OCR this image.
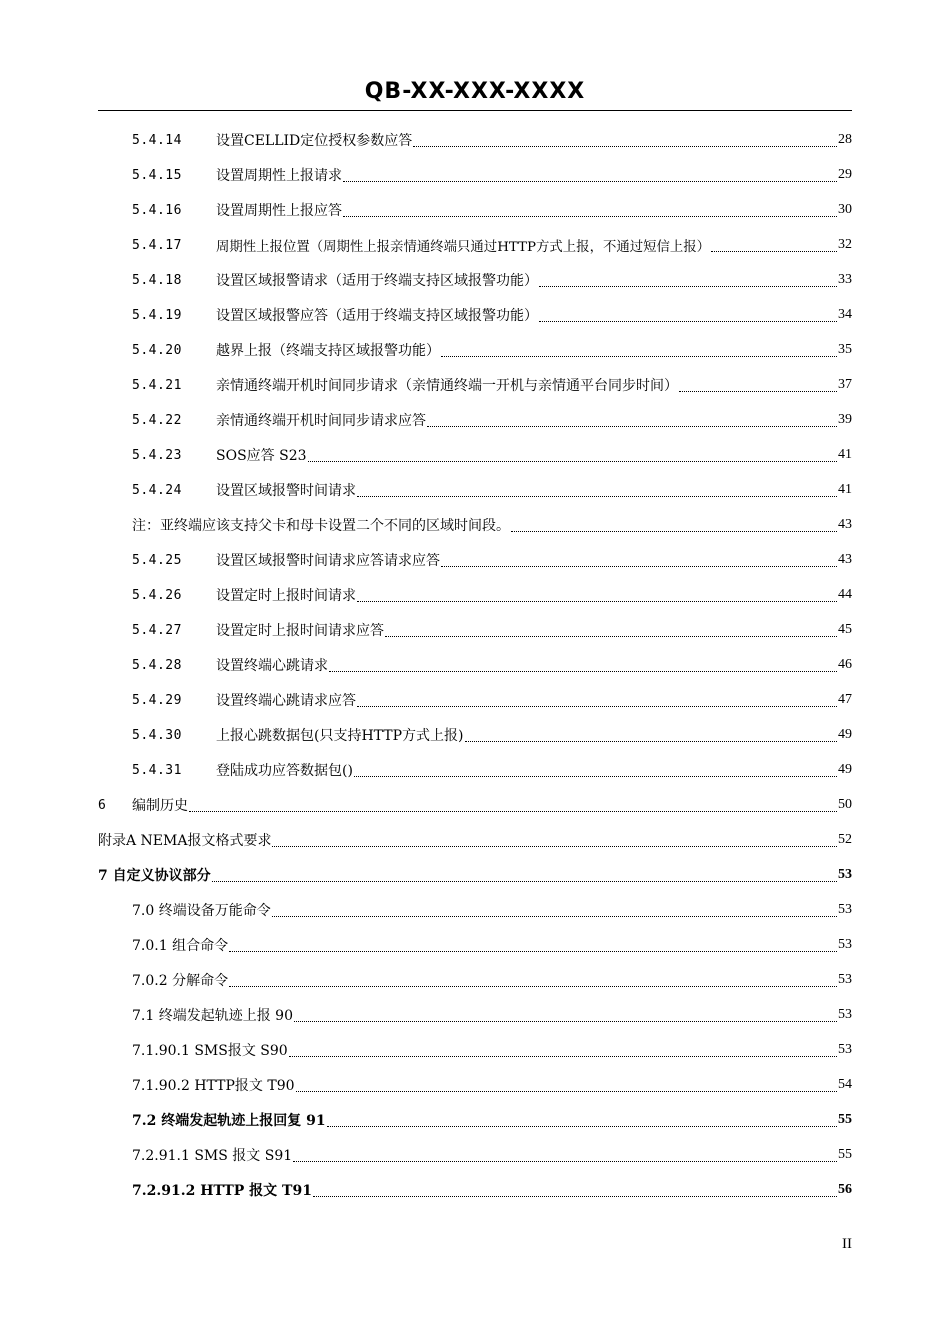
QB-XX-XXX-XXXX
5.4.14	设置CELLID定位授权参数应答	28
5.4.15	设置周期性上报请求	29
5.4.16	设置周期性上报应答	30
5.4.17	周期性上报位置（周期性上报亲情通终端只通过HTTP方式上报，不通过短信上报）	32
5.4.18	设置区域报警请求（适用于终端支持区域报警功能）	33
5.4.19	设置区域报警应答（适用于终端支持区域报警功能）	34
5.4.20	越界上报（终端支持区域报警功能）	35
5.4.21	亲情通终端开机时间同步请求（亲情通终端一开机与亲情通平台同步时间）	37
5.4.22	亲情通终端开机时间同步请求应答	39
5.4.23	SOS应答 S23	41
5.4.24	设置区域报警时间请求	41
注：亚终端应该支持父卡和母卡设置二个不同的区域时间段。	43
5.4.25	设置区域报警时间请求应答请求应答	43
5.4.26	设置定时上报时间请求	44
5.4.27	设置定时上报时间请求应答	45
5.4.28	设置终端心跳请求	46
5.4.29	设置终端心跳请求应答	47
5.4.30	上报心跳数据包(只支持HTTP方式上报)	49
5.4.31	登陆成功应答数据包()	49
6	编制历史	50
附录A NEMA报文格式要求	52
7 自定义协议部分	53
7.0 终端设备万能命令	53
7.0.1 组合命令	53
7.0.2 分解命令	53
7.1 终端发起轨迹上报 90	53
7.1.90.1 SMS报文 S90	53
7.1.90.2 HTTP报文 T90	54
7.2 终端发起轨迹上报回复 91	55
7.2.91.1 SMS 报文 S91	55
7.2.91.2 HTTP 报文 T91	56
II
